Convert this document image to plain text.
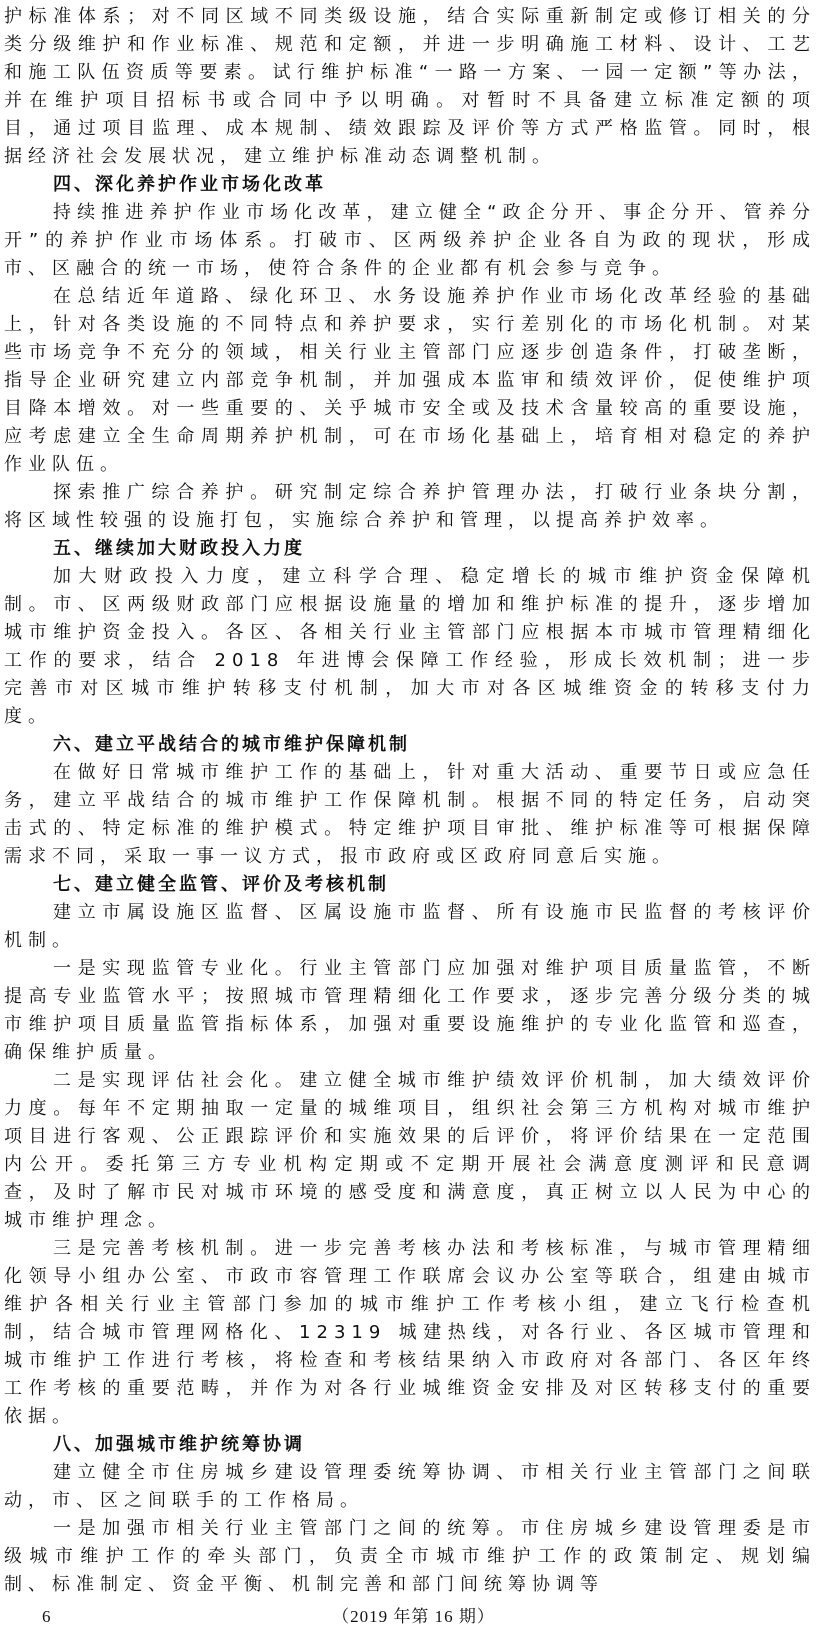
护标准体系；对不同区域不同类级设施，结合实际重新制定或修订相关的分类分级维护和作业标准、规范和定额，并进一步明确施工材料、设计、工艺和施工队伍资质等要素。试行维护标准“一路一方案、一园一定额”等办法，并在维护项目招标书或合同中予以明确。对暂时不具备建立标准定额的项目，通过项目监理、成本规制、绩效跟踪及评价等方式严格监管。同时，根据经济社会发展状况，建立维护标准动态调整机制。

四、深化养护作业市场化改革

持续推进养护作业市场化改革，建立健全“政企分开、事企分开、管养分开”的养护作业市场体系。打破市、区两级养护企业各自为政的现状，形成市、区融合的统一市场，使符合条件的企业都有机会参与竞争。

在总结近年道路、绿化环卫、水务设施养护作业市场化改革经验的基础上，针对各类设施的不同特点和养护要求，实行差别化的市场化机制。对某些市场竞争不充分的领域，相关行业主管部门应逐步创造条件，打破垄断，指导企业研究建立内部竞争机制，并加强成本监审和绩效评价，促使维护项目降本增效。对一些重要的、关乎城市安全或及技术含量较高的重要设施，应考虑建立全生命周期养护机制，可在市场化基础上，培育相对稳定的养护作业队伍。

探索推广综合养护。研究制定综合养护管理办法，打破行业条块分割，将区域性较强的设施打包，实施综合养护和管理，以提高养护效率。

五、继续加大财政投入力度

加大财政投入力度，建立科学合理、稳定增长的城市维护资金保障机制。市、区两级财政部门应根据设施量的增加和维护标准的提升，逐步增加城市维护资金投入。各区、各相关行业主管部门应根据本市城市管理精细化工作的要求，结合 2018 年进博会保障工作经验，形成长效机制；进一步完善市对区城市维护转移支付机制，加大市对各区城维资金的转移支付力度。

六、建立平战结合的城市维护保障机制

在做好日常城市维护工作的基础上，针对重大活动、重要节日或应急任务，建立平战结合的城市维护工作保障机制。根据不同的特定任务，启动突击式的、特定标准的维护模式。特定维护项目审批、维护标准等可根据保障需求不同，采取一事一议方式，报市政府或区政府同意后实施。

七、建立健全监管、评价及考核机制

建立市属设施区监督、区属设施市监督、所有设施市民监督的考核评价机制。

一是实现监管专业化。行业主管部门应加强对维护项目质量监管，不断提高专业监管水平；按照城市管理精细化工作要求，逐步完善分级分类的城市维护项目质量监管指标体系，加强对重要设施维护的专业化监管和巡查，确保维护质量。

二是实现评估社会化。建立健全城市维护绩效评价机制，加大绩效评价力度。每年不定期抽取一定量的城维项目，组织社会第三方机构对城市维护项目进行客观、公正跟踪评价和实施效果的后评价，将评价结果在一定范围内公开。委托第三方专业机构定期或不定期开展社会满意度测评和民意调查，及时了解市民对城市环境的感受度和满意度，真正树立以人民为中心的城市维护理念。

三是完善考核机制。进一步完善考核办法和考核标准，与城市管理精细化领导小组办公室、市政市容管理工作联席会议办公室等联合，组建由城市维护各相关行业主管部门参加的城市维护工作考核小组，建立飞行检查机制，结合城市管理网格化、12319 城建热线，对各行业、各区城市管理和城市维护工作进行考核，将检查和考核结果纳入市政府对各部门、各区年终工作考核的重要范畴，并作为对各行业城维资金安排及对区转移支付的重要依据。

八、加强城市维护统筹协调

建立健全市住房城乡建设管理委统筹协调、市相关行业主管部门之间联动，市、区之间联手的工作格局。

一是加强市相关行业主管部门之间的统筹。市住房城乡建设管理委是市级城市维护工作的牵头部门，负责全市城市维护工作的政策制定、规划编制、标准制定、资金平衡、机制完善和部门间统筹协调等

6	（2019 年第 16 期）
